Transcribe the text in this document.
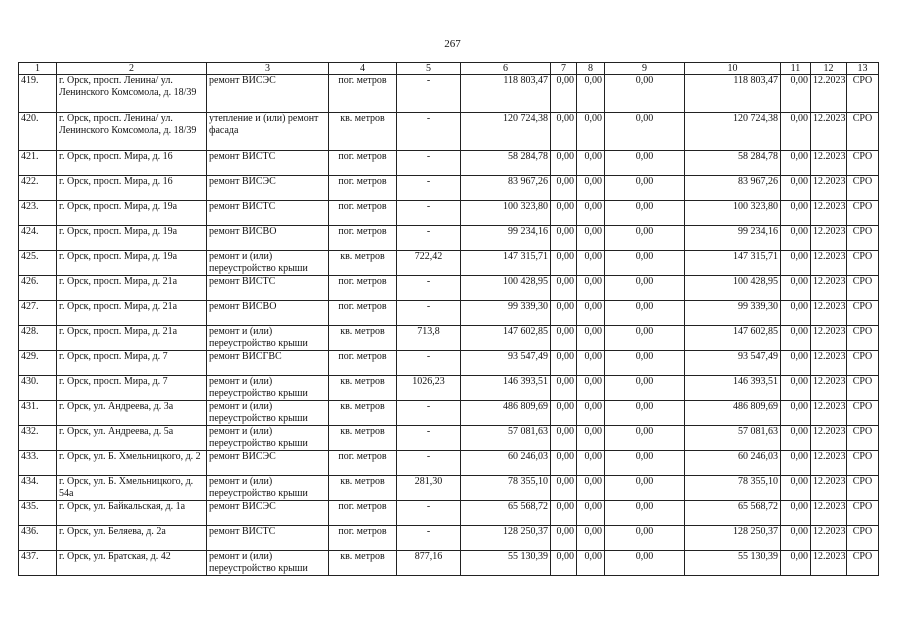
267
1	2	3	4	5	6	7	8	9	10	11	12	13
419.	г. Орск, просп. Ленина/ ул. Ленинского Комсомола, д. 18/39	ремонт ВИСЭС	пог. метров	-	118 803,47	0,00	0,00	0,00	118 803,47	0,00	12.2023	СРО
420.	г. Орск, просп. Ленина/ ул. Ленинского Комсомола, д. 18/39	утепление и (или) ремонт фасада	кв. метров	-	120 724,38	0,00	0,00	0,00	120 724,38	0,00	12.2023	СРО
421.	г. Орск, просп. Мира, д. 16	ремонт ВИСТС	пог. метров	-	58 284,78	0,00	0,00	0,00	58 284,78	0,00	12.2023	СРО
422.	г. Орск, просп. Мира, д. 16	ремонт ВИСЭС	пог. метров	-	83 967,26	0,00	0,00	0,00	83 967,26	0,00	12.2023	СРО
423.	г. Орск, просп. Мира, д. 19а	ремонт ВИСТС	пог. метров	-	100 323,80	0,00	0,00	0,00	100 323,80	0,00	12.2023	СРО
424.	г. Орск, просп. Мира, д. 19а	ремонт ВИСВО	пог. метров	-	99 234,16	0,00	0,00	0,00	99 234,16	0,00	12.2023	СРО
425.	г. Орск, просп. Мира, д. 19а	ремонт и (или) переустройство крыши	кв. метров	722,42	147 315,71	0,00	0,00	0,00	147 315,71	0,00	12.2023	СРО
426.	г. Орск, просп. Мира, д. 21а	ремонт ВИСТС	пог. метров	-	100 428,95	0,00	0,00	0,00	100 428,95	0,00	12.2023	СРО
427.	г. Орск, просп. Мира, д. 21а	ремонт ВИСВО	пог. метров	-	99 339,30	0,00	0,00	0,00	99 339,30	0,00	12.2023	СРО
428.	г. Орск, просп. Мира, д. 21а	ремонт и (или) переустройство крыши	кв. метров	713,8	147 602,85	0,00	0,00	0,00	147 602,85	0,00	12.2023	СРО
429.	г. Орск, просп. Мира, д. 7	ремонт ВИСГВС	пог. метров	-	93 547,49	0,00	0,00	0,00	93 547,49	0,00	12.2023	СРО
430.	г. Орск, просп. Мира, д. 7	ремонт и (или) переустройство крыши	кв. метров	1026,23	146 393,51	0,00	0,00	0,00	146 393,51	0,00	12.2023	СРО
431.	г. Орск, ул. Андреева, д. 3а	ремонт и (или) переустройство крыши	кв. метров	-	486 809,69	0,00	0,00	0,00	486 809,69	0,00	12.2023	СРО
432.	г. Орск, ул. Андреева, д. 5а	ремонт и (или) переустройство крыши	кв. метров	-	57 081,63	0,00	0,00	0,00	57 081,63	0,00	12.2023	СРО
433.	г. Орск, ул. Б. Хмельницкого, д. 2	ремонт ВИСЭС	пог. метров	-	60 246,03	0,00	0,00	0,00	60 246,03	0,00	12.2023	СРО
434.	г. Орск, ул. Б. Хмельницкого, д. 54а	ремонт и (или) переустройство крыши	кв. метров	281,30	78 355,10	0,00	0,00	0,00	78 355,10	0,00	12.2023	СРО
435.	г. Орск, ул. Байкальская, д. 1а	ремонт ВИСЭС	пог. метров	-	65 568,72	0,00	0,00	0,00	65 568,72	0,00	12.2023	СРО
436.	г. Орск, ул. Беляева, д. 2а	ремонт ВИСТС	пог. метров	-	128 250,37	0,00	0,00	0,00	128 250,37	0,00	12.2023	СРО
437.	г. Орск, ул. Братская, д. 42	ремонт и (или) переустройство крыши	кв. метров	877,16	55 130,39	0,00	0,00	0,00	55 130,39	0,00	12.2023	СРО
